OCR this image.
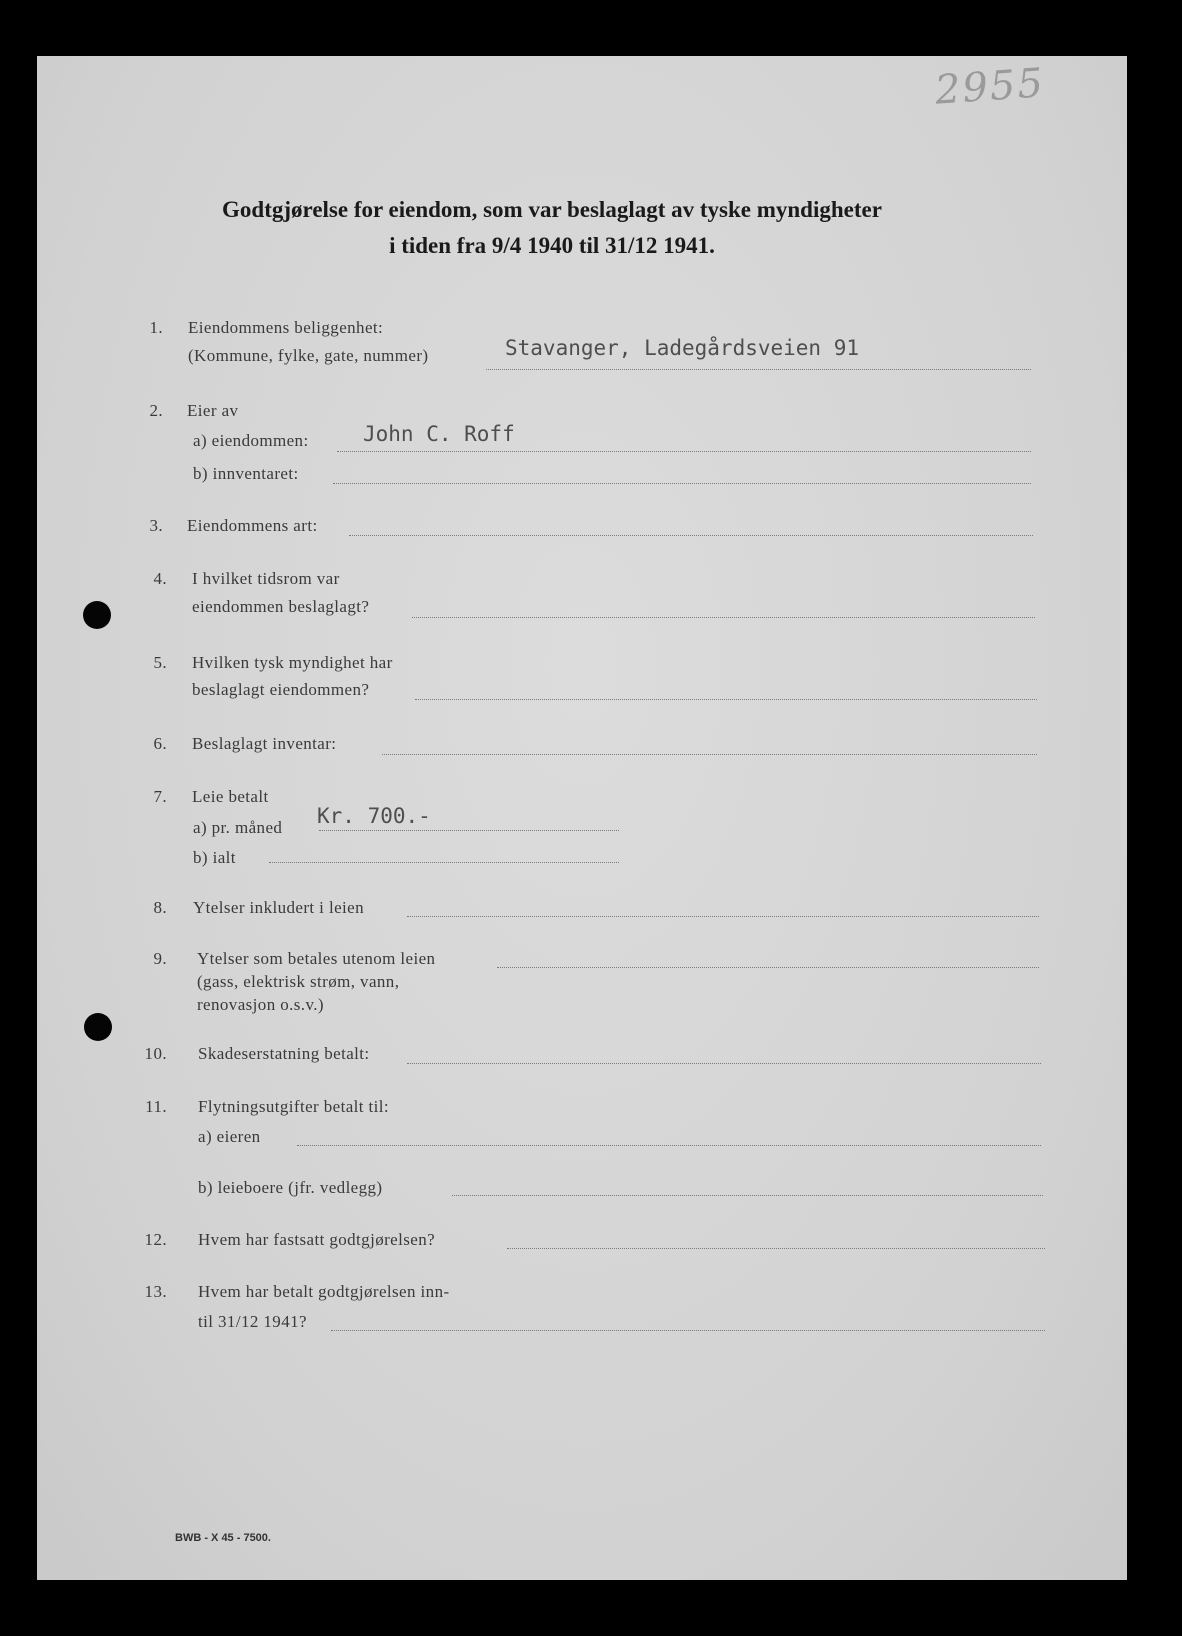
2955
Godtgjørelse for eiendom, som var beslaglagt av tyske myndigheter
i tiden fra 9/4 1940 til 31/12 1941.
1. Eiendommens beliggenhet:
(Kommune, fylke, gate, nummer)	Stavanger, Ladegårdsveien 91
2. Eier av
a) eiendommen:
b) innventaret:
John C. Roff
3. Eiendommens art:
4. I hvilket tidsrom var
eiendommen beslaglagt?
5. Hvilken tysk myndighet har
beslaglagt eiendommen?
6. Beslaglagt inventar:
7. Leie betalt
a) pr. måned
b) ialt
Kr. 700.-
8. Ytelser inkludert i leien
9. Ytelser som betales utenom leien
(gass, elektrisk strøm, vann,
renovasjon o.s.v.)
10. Skadeserstatning betalt:
11. Flytningsutgifter betalt til:
a) eieren
b) leieboere (jfr. vedlegg)
12. Hvem har fastsatt godtgjørelsen?
13. Hvem har betalt godtgjørelsen inn-
til 31/12 1941?
BWB - X 45 - 7500.
